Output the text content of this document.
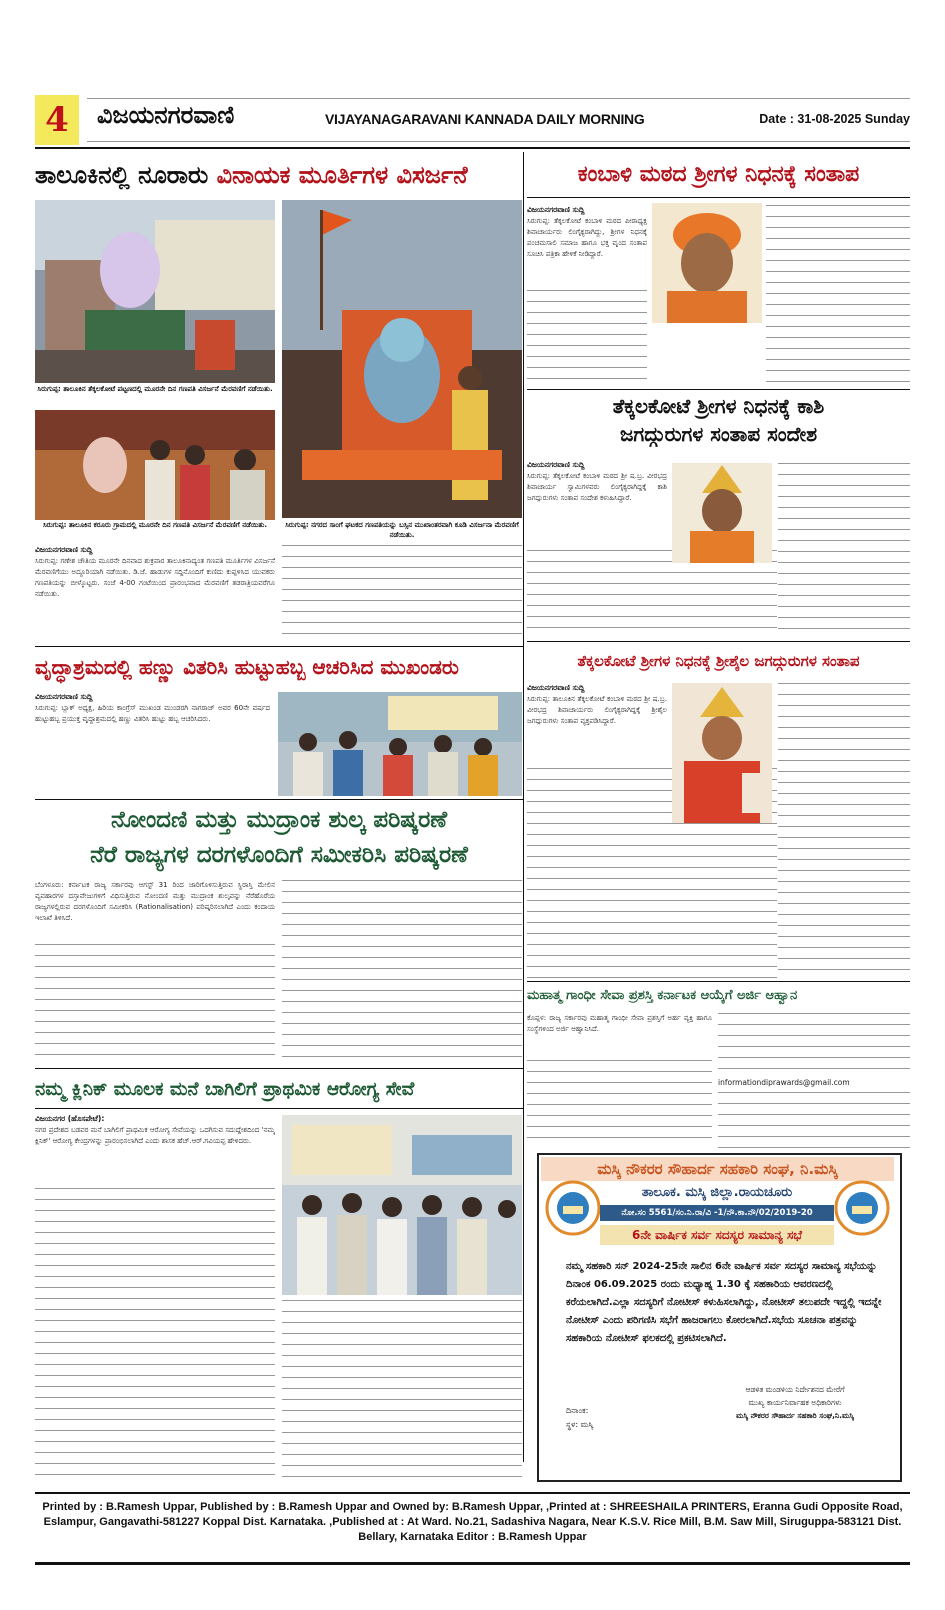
4	ವಿಜಯನಗರವಾಣಿ	VIJAYANAGARAVANI KANNADA DAILY MORNING	Date : 31-08-2025 Sunday
ತಾಲೂಕಿನಲ್ಲಿ ನೂರಾರು ವಿನಾಯಕ ಮೂರ್ತಿಗಳ ವಿಸರ್ಜನೆ
ಸಿರುಗುಪ್ಪ: ತಾಲೂಕಿನ ತೆಕ್ಕಲಕೋಟೆ ಪಟ್ಟಣದಲ್ಲಿ ಮೂರನೇ ದಿನ ಗಣಪತಿ ವಿಸರ್ಜನೆ ಮೆರವಣಿಗೆ ನಡೆಯಿತು.
ಸಿರುಗುಪ್ಪ: ತಾಲೂಕಿನ ಕರೂರು ಗ್ರಾಮದಲ್ಲಿ ಮೂರನೇ ದಿನ ಗಣಪತಿ ವಿಸರ್ಜನೆ ಮೆರವಣಿಗೆ ನಡೆಯಿತು.	ಸಿರುಗುಪ್ಪ: ನಗರದ ಸಾಂಗೆ ಘಟಕದ ಗಣಪತಿಯನ್ನು ಬಸ್ಸಿನ ಮುಖಾಂತರವಾಗಿ ಕೂಡಿ ವಿಸರ್ಜನಾ ಮೆರವಣಿಗೆ ನಡೆಯಿತು.
ವಿಜಯನಗರವಾಣಿ ಸುದ್ದಿ
ಸಿರುಗುಪ್ಪ: ಗಣೇಶ ಚೌತಿಯ ಮೂರನೇ ದಿನವಾದ ಶುಕ್ರವಾರ ತಾಲೂಕಿನಾದ್ಯಂತ ಗಣಪತಿ ಮೂರ್ತಿಗಳ ವಿಸರ್ಜನೆ ಮೆರವಣಿಗೆಯು ಅದ್ದೂರಿಯಾಗಿ ನಡೆಯಿತು. ಡಿ.ಜೆ. ಹಾಡುಗಳ ಸದ್ದಿನೊಂದಿಗೆ ಕುಣಿದು ಕುಪ್ಪಳಿಸಿದ ಯುವಕರು ಗಣಪತಿಯನ್ನು ಬೀಳ್ಕೊಟ್ಟರು. ಸಂಜೆ 4-00 ಗಂಟೆಯಿಂದ ಪ್ರಾರಂಭವಾದ ಮೆರವಣಿಗೆ ತಡರಾತ್ರಿಯವರೆಗೂ ನಡೆಯಿತು.
ಕಂಬಾಳಿ ಮಠದ ಶ್ರೀಗಳ ನಿಧನಕ್ಕೆ ಸಂತಾಪ
ವಿಜಯನಗರವಾಣಿ ಸುದ್ದಿ
ಸಿರುಗುಪ್ಪ: ತೆಕ್ಕಲಕೋಟೆ ಕಂಬಾಳಿ ಮಠದ ಪೀಠಾಧ್ಯಕ್ಷ ಶಿವಾಚಾರ್ಯರು ಲಿಂಗೈಕ್ಯರಾಗಿದ್ದು, ಶ್ರೀಗಳ ನಿಧನಕ್ಕೆ ಪಂಚಮಸಾಲಿ ಸಮಾಜ ಹಾಗೂ ಭಕ್ತ ವೃಂದ ಸಂತಾಪ ಸೂಚಿಸಿ ಪತ್ರಿಕಾ ಹೇಳಿಕೆ ನೀಡಿದ್ದಾರೆ.
ತೆಕ್ಕಲಕೋಟೆ ಶ್ರೀಗಳ ನಿಧನಕ್ಕೆ ಕಾಶಿ
ಜಗದ್ಗುರುಗಳ ಸಂತಾಪ ಸಂದೇಶ
ವಿಜಯನಗರವಾಣಿ ಸುದ್ದಿ
ಸಿರುಗುಪ್ಪ: ತೆಕ್ಕಲಕೋಟೆ ಕಂಬಾಳಿ ಮಠದ ಶ್ರೀ ಷ.ಬ್ರ. ವೀರಭದ್ರ ಶಿವಾಚಾರ್ಯ ಸ್ವಾಮಿಗಳವರು ಲಿಂಗೈಕ್ಯರಾಗಿದ್ದಕ್ಕೆ ಕಾಶಿ ಜಗದ್ಗುರುಗಳು ಸಂತಾಪ ಸಂದೇಶ ಕಳುಹಿಸಿದ್ದಾರೆ.
ವೃದ್ಧಾಶ್ರಮದಲ್ಲಿ ಹಣ್ಣು ವಿತರಿಸಿ ಹುಟ್ಟುಹಬ್ಬ ಆಚರಿಸಿದ ಮುಖಂಡರು
ವಿಜಯನಗರವಾಣಿ ಸುದ್ದಿ
ಸಿರುಗುಪ್ಪ: ಬ್ಲಾಕ್ ಅಧ್ಯಕ್ಷ, ಹಿರಿಯ ಕಾಂಗ್ರೆಸ್ ಮುಖಂಡ ಮುಂಡರಗಿ ನಾಗರಾಜ್ ಅವರ 60ನೇ ವರ್ಷದ ಹುಟ್ಟುಹಬ್ಬ ಪ್ರಯುಕ್ತ ವೃದ್ಧಾಶ್ರಮದಲ್ಲಿ ಹಣ್ಣು ವಿತರಿಸಿ ಹುಟ್ಟು ಹಬ್ಬ ಆಚರಿಸಿದರು.
ನೋಂದಣಿ ಮತ್ತು ಮುದ್ರಾಂಕ ಶುಲ್ಕ ಪರಿಷ್ಕರಣೆ
ನೆರೆ ರಾಜ್ಯಗಳ ದರಗಳೊಂದಿಗೆ ಸಮೀಕರಿಸಿ ಪರಿಷ್ಕರಣೆ
ಬೆಂಗಳೂರು: ಕರ್ನಾಟಕ ರಾಜ್ಯ ಸರ್ಕಾರವು ಆಗಸ್ಟ್ 31 ರಿಂದ ಜಾರಿಗೊಳಿಸುತ್ತಿರುವ ಸ್ಥಿರಾಸ್ತಿ ಮೇಲಿನ ವ್ಯವಹಾರಗಳ ದಸ್ತಾವೇಜುಗಳಿಗೆ ವಿಧಿಸುತ್ತಿರುವ ನೋಂದಣಿ ಮತ್ತು ಮುದ್ರಾಂಕ ಶುಲ್ಕವನ್ನು ನೆರೆಹೊರೆಯ ರಾಜ್ಯಗಳಲ್ಲಿರುವ ದರಗಳೊಂದಿಗೆ ಸಮೀಕರಿಸಿ (Rationalisation) ಪರಿಷ್ಕರಿಸಲಾಗಿದೆ ಎಂದು ಕಂದಾಯ ಇಲಾಖೆ ತಿಳಿಸಿದೆ.
ತೆಕ್ಕಲಕೋಟೆ ಶ್ರೀಗಳ ನಿಧನಕ್ಕೆ ಶ್ರೀಶೈಲ ಜಗದ್ಗುರುಗಳ ಸಂತಾಪ
ವಿಜಯನಗರವಾಣಿ ಸುದ್ದಿ
ಸಿರುಗುಪ್ಪ: ತಾಲೂಕಿನ ತೆಕ್ಕಲಕೋಟೆ ಕಂಬಾಳಿ ಮಠದ ಶ್ರೀ ಷ.ಬ್ರ. ವೀರಭದ್ರ ಶಿವಾಚಾರ್ಯರು ಲಿಂಗೈಕ್ಯರಾಗಿದ್ದಕ್ಕೆ ಶ್ರೀಶೈಲ ಜಗದ್ಗುರುಗಳು ಸಂತಾಪ ವ್ಯಕ್ತಪಡಿಸಿದ್ದಾರೆ.
ಮಹಾತ್ಮ ಗಾಂಧೀ ಸೇವಾ ಪ್ರಶಸ್ತಿ ಕರ್ನಾಟಕ ಆಯ್ಕೆಗೆ ಅರ್ಜಿ ಆಹ್ವಾನ
ಕೊಪ್ಪಳ: ರಾಜ್ಯ ಸರ್ಕಾರವು ಮಹಾತ್ಮ ಗಾಂಧೀ ಸೇವಾ ಪ್ರಶಸ್ತಿಗೆ ಅರ್ಹ ವ್ಯಕ್ತಿ ಹಾಗೂ ಸಂಸ್ಥೆಗಳಿಂದ ಅರ್ಜಿ ಆಹ್ವಾನಿಸಿದೆ.
informationdiprawards@gmail.com
ನಮ್ಮ ಕ್ಲಿನಿಕ್ ಮೂಲಕ ಮನೆ ಬಾಗಿಲಿಗೆ ಪ್ರಾಥಮಿಕ ಆರೋಗ್ಯ ಸೇವೆ
ವಿಜಯನಗರ (ಹೊಸಪೇಟೆ):
ನಗರ ಪ್ರದೇಶದ ಬಡವರ ಮನೆ ಬಾಗಿಲಿಗೆ ಪ್ರಾಥಮಿಕ ಆರೋಗ್ಯ ಸೇವೆಯನ್ನು ಒದಗಿಸುವ ಸದುದ್ದೇಶದಿಂದ 'ನಮ್ಮ ಕ್ಲಿನಿಕ್' ಆರೋಗ್ಯ ಕೇಂದ್ರಗಳನ್ನು ಪ್ರಾರಂಭಿಸಲಾಗಿದೆ ಎಂದು ಶಾಸಕ ಹೆಚ್.ಆರ್.ಗವಿಯಪ್ಪ ಹೇಳಿದರು.
ಮಸ್ಕಿ ನೌಕರರ ಸೌಹಾರ್ದ ಸಹಕಾರಿ ಸಂಘ, ನಿ.ಮಸ್ಕಿ
ತಾಲೂಕ. ಮಸ್ಕಿ ಜಿಲ್ಲಾ.ರಾಯಚೂರು
ನೋ.ಸಂ 5561/ಸಂ.ನಿ.ರಾ/ವಿ -1/ನೌ.ಕಾ.ನೌ/02/2019-20
6ನೇ ವಾರ್ಷಿಕ ಸರ್ವ ಸದಸ್ಯರ ಸಾಮಾನ್ಯ ಸಭೆ
ನಮ್ಮ ಸಹಕಾರಿ ಸನ್ 2024-25ನೇ ಸಾಲಿನ 6ನೇ ವಾರ್ಷಿಕ ಸರ್ವ ಸದಸ್ಯರ ಸಾಮಾನ್ಯ ಸಭೆಯನ್ನು ದಿನಾಂಕ 06.09.2025 ರಂದು ಮಧ್ಯಾಹ್ನ 1.30 ಕ್ಕೆ ಸಹಕಾರಿಯ ಆವರಣದಲ್ಲಿ ಕರೆಯಲಾಗಿದೆ.ಎಲ್ಲಾ ಸದಸ್ಯರಿಗೆ ನೋಟೀಸ್ ಕಳುಹಿಸಲಾಗಿದ್ದು, ನೋಟೀಸ್ ತಲುಪದೇ ಇದ್ದಲ್ಲಿ ಇದನ್ನೇ ನೋಟೀಸ್ ಎಂದು ಪರಿಗಣಿಸಿ ಸಭೆಗೆ ಹಾಜರಾಗಲು ಕೋರಲಾಗಿದೆ.ಸಭೆಯ ಸೂಚನಾ ಪತ್ರವನ್ನು ಸಹಕಾರಿಯ ನೋಟೀಸ್ ಫಲಕದಲ್ಲಿ ಪ್ರಕಟಿಸಲಾಗಿದೆ.
ಆಡಳಿತ ಮಂಡಳಿಯ ನಿರ್ದೇಶನದ ಮೇರೆಗೆ
ಮುಖ್ಯ ಕಾರ್ಯನಿರ್ವಾಹಕ ಅಧಿಕಾರಿಗಳು
ಮಸ್ಕಿ ನೌಕರರ ಸೌಹಾರ್ದ ಸಹಕಾರಿ ಸಂಘ,ನಿ.ಮಸ್ಕಿ
ದಿನಾಂಕ:
ಸ್ಥಳ: ಮಸ್ಕಿ
Printed by : B.Ramesh Uppar, Published by : B.Ramesh Uppar and Owned by: B.Ramesh Uppar, ,Printed at : SHREESHAILA PRINTERS, Eranna Gudi Opposite Road,
Eslampur, Gangavathi-581227 Koppal Dist. Karnataka. ,Published at : At Ward. No.21, Sadashiva Nagara, Near K.S.V. Rice Mill, B.M. Saw Mill, Siruguppa-583121 Dist.
Bellary, Karnataka Editor : B.Ramesh Uppar
